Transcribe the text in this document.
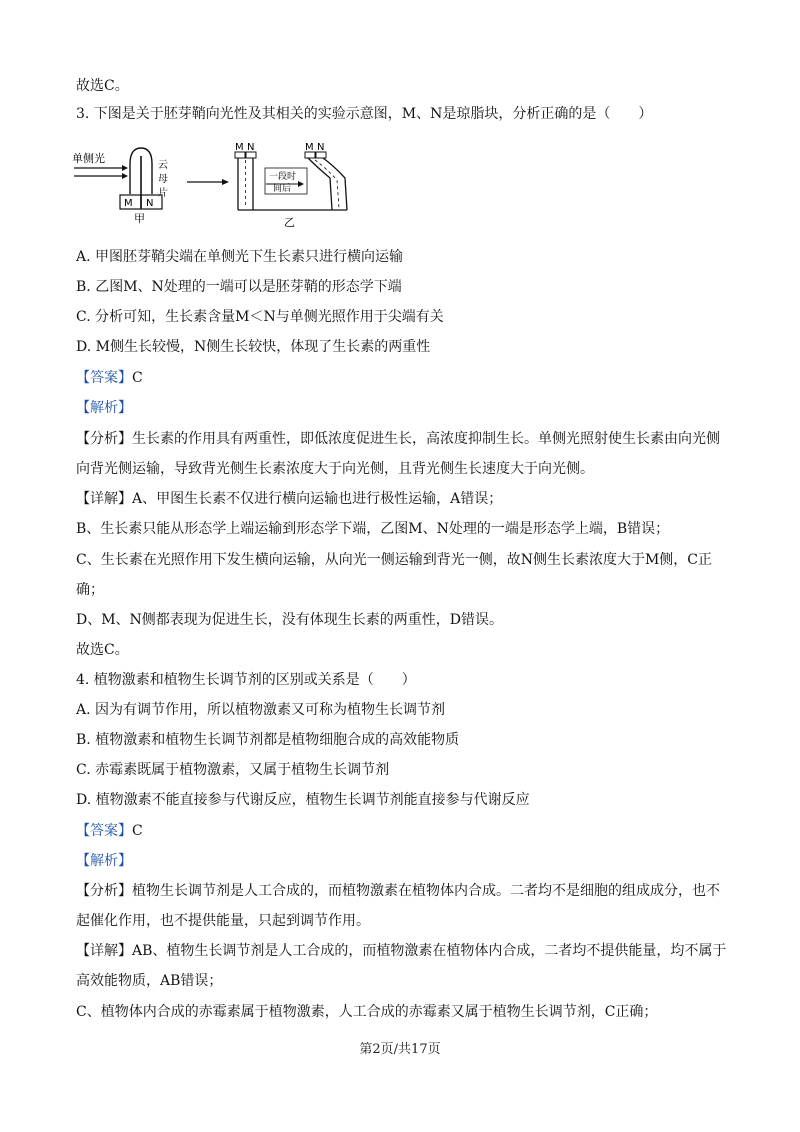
故选C。
3. 下图是关于胚芽鞘向光性及其相关的实验示意图，M、N是琼脂块，分析正确的是（　　）
单侧光
云
母
片
M N
甲
M N
一段时
间后
M N
乙
A. 甲图胚芽鞘尖端在单侧光下生长素只进行横向运输
B. 乙图M、N处理的一端可以是胚芽鞘的形态学下端
C. 分析可知，生长素含量M＜N与单侧光照作用于尖端有关
D. M侧生长较慢，N侧生长较快，体现了生长素的两重性
【答案】C
【解析】
【分析】生长素的作用具有两重性，即低浓度促进生长，高浓度抑制生长。单侧光照射使生长素由向光侧
向背光侧运输，导致背光侧生长素浓度大于向光侧，且背光侧生长速度大于向光侧。
【详解】A、甲图生长素不仅进行横向运输也进行极性运输，A错误；
B、生长素只能从形态学上端运输到形态学下端，乙图M、N处理的一端是形态学上端，B错误；
C、生长素在光照作用下发生横向运输，从向光一侧运输到背光一侧，故N侧生长素浓度大于M侧，C正
确；
D、M、N侧都表现为促进生长，没有体现生长素的两重性，D错误。
故选C。
4. 植物激素和植物生长调节剂的区别或关系是（　　）
A. 因为有调节作用，所以植物激素又可称为植物生长调节剂
B. 植物激素和植物生长调节剂都是植物细胞合成的高效能物质
C. 赤霉素既属于植物激素，又属于植物生长调节剂
D. 植物激素不能直接参与代谢反应，植物生长调节剂能直接参与代谢反应
【答案】C
【解析】
【分析】植物生长调节剂是人工合成的，而植物激素在植物体内合成。二者均不是细胞的组成成分，也不
起催化作用，也不提供能量，只起到调节作用。
【详解】AB、植物生长调节剂是人工合成的，而植物激素在植物体内合成，二者均不提供能量，均不属于
高效能物质，AB错误；
C、植物体内合成的赤霉素属于植物激素，人工合成的赤霉素又属于植物生长调节剂，C正确；
第2页/共17页
